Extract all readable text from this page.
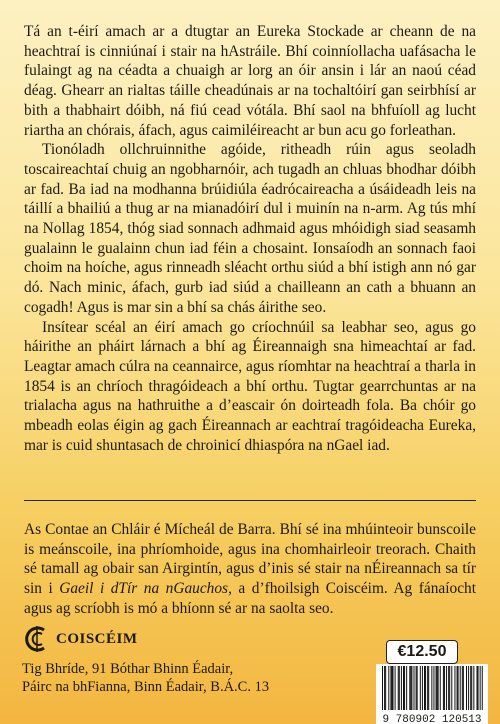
Tá an t-éirí amach ar a dtugtar an Eureka Stockade ar cheann de na heachtraí is cinniúnaí i stair na hAstráile. Bhí coinníollacha uafásacha le fulaingt ag na céadta a chuaigh ar lorg an óir ansin i lár an naoú céad déag. Ghearr an rialtas táille cheadúnais ar na tochaltóirí gan seirbhísí ar bith a thabhairt dóibh, ná fiú cead vótála. Bhí saol na bhfuíoll ag lucht riartha an chórais, áfach, agus caimiléireacht ar bun acu go forleathan.

Tionóladh ollchruinnithe agóide, ritheadh rúin agus seoladh toscaireachtaí chuig an ngobharnóir, ach tugadh an chluas bhodhar dóibh ar fad. Ba iad na modhanna brúidiúla éadrócaireacha a úsáideadh leis na táillí a bhailiú a thug ar na mianadóirí dul i muinín na n-arm. Ag tús mhí na Nollag 1854, thóg siad sonnach adhmaid agus mhóidigh siad seasamh gualainn le gualainn chun iad féin a chosaint. Ionsaíodh an sonnach faoi choim na hoíche, agus rinneadh sléacht orthu siúd a bhí istigh ann nó gar dó. Nach minic, áfach, gurb iad siúd a chailleann an cath a bhuann an cogadh! Agus is mar sin a bhí sa chás áirithe seo.

Insítear scéal an éirí amach go críochnúil sa leabhar seo, agus go háirithe an pháirt lárnach a bhí ag Éireannaigh sna himeachtaí ar fad. Leagtar amach cúlra na ceannairce, agus ríomhtar na heachtraí a tharla in 1854 is an chríoch thragóideach a bhí orthu. Tugtar gearrchuntas ar na trialacha agus na hathruithe a d’eascair ón doirteadh fola. Ba chóir go mbeadh eolas éigin ag gach Éireannach ar eachtraí tragóideacha Eureka, mar is cuid shuntasach de chroinicí dhiaspóra na nGael iad.

As Contae an Chláir é Mícheál de Barra. Bhí sé ina mhúinteoir bunscoile is meánscoile, ina phríomhoide, agus ina chomhairleoir treorach. Chaith sé tamall ag obair san Airgintín, agus d’inis sé stair na nÉireannach sa tír sin i Gaeil i dTír na nGauchos, a d’fhoilsigh Coiscéim. Ag fánaíocht agus ag scríobh is mó a bhíonn sé ar na saolta seo.

COISCÉIM
Tig Bhríde, 91 Bóthar Bhinn Éadair,
Páirc na bhFianna, Binn Éadair, B.Á.C. 13
€12.50
9 780902 120513
